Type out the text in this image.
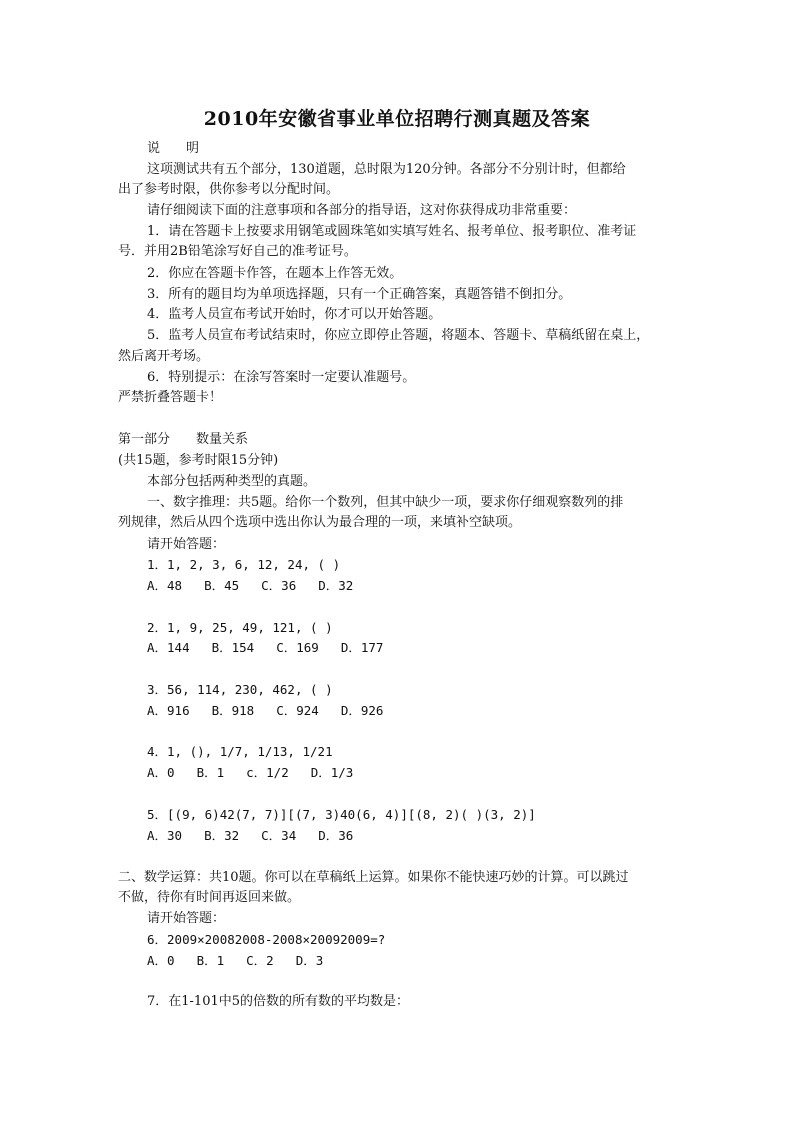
2010年安徽省事业单位招聘行测真题及答案
说　　明
这项测试共有五个部分，130道题，总时限为120分钟。各部分不分别计时，但都给
出了参考时限，供你参考以分配时间。
请仔细阅读下面的注意事项和各部分的指导语，这对你获得成功非常重要：
1．请在答题卡上按要求用钢笔或圆珠笔如实填写姓名、报考单位、报考职位、准考证
号．并用2B铅笔涂写好自己的准考证号。
2．你应在答题卡作答，在题本上作答无效。
3．所有的题目均为单项选择题，只有一个正确答案，真题答错不倒扣分。
4．监考人员宣布考试开始时，你才可以开始答题。
5．监考人员宣布考试结束时，你应立即停止答题，将题本、答题卡、草稿纸留在桌上，
然后离开考场。
6．特别提示：在涂写答案时一定要认准题号。
严禁折叠答题卡！
第一部分　　数量关系
(共15题，参考时限15分钟)
本部分包括两种类型的真题。
一、数字推理：共5题。给你一个数列，但其中缺少一项，要求你仔细观察数列的排
列规律，然后从四个选项中选出你认为最合理的一项，来填补空缺项。
请开始答题：
1．1, 2, 3, 6, 12, 24, ( )
A．48 B．45 C．36 D．32
2．1, 9, 25, 49, 121, ( )
A．144 B．154 C．169 D．177
3．56, 114, 230, 462, ( )
A．916 B．918 C．924 D．926
4．1, (), 1/7, 1/13, 1/21
A．0 B．1 c．1/2 D．1/3
5．[(9, 6)42(7, 7)][(7, 3)40(6, 4)][(8, 2)( )(3, 2)]
A．30 B．32 C．34 D．36
二、数学运算：共10题。你可以在草稿纸上运算。如果你不能快速巧妙的计算。可以跳过
不做，待你有时间再返回来做。
请开始答题：
6．2009×20082008-2008×20092009=?
A．0 B．1 C．2 D．3
7．在1-101中5的倍数的所有数的平均数是：
